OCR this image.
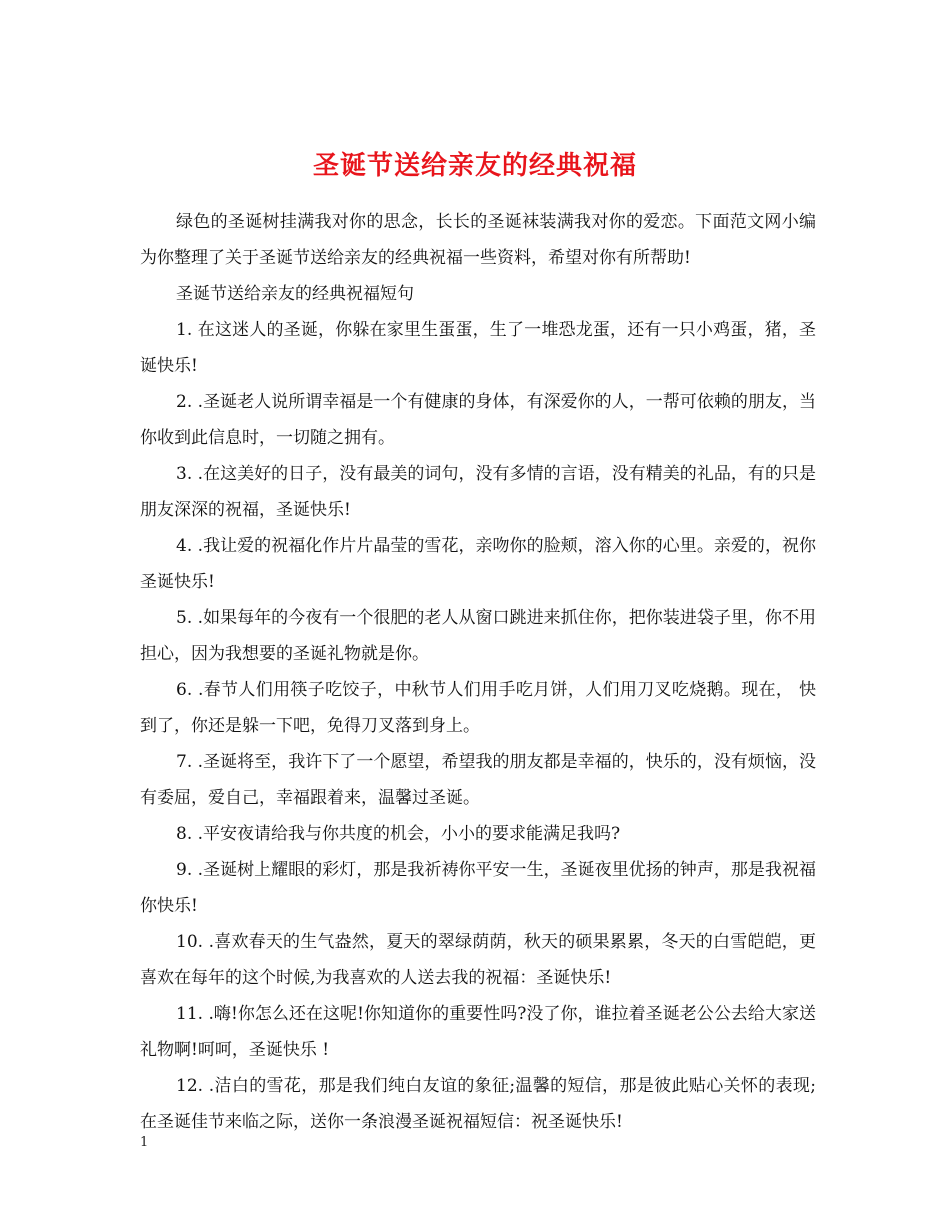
圣诞节送给亲友的经典祝福

绿色的圣诞树挂满我对你的思念，长长的圣诞袜装满我对你的爱恋。下面范文网小编为你整理了关于圣诞节送给亲友的经典祝福一些资料，希望对你有所帮助!

圣诞节送给亲友的经典祝福短句

1. 在这迷人的圣诞，你躲在家里生蛋蛋，生了一堆恐龙蛋，还有一只小鸡蛋，猪，圣诞快乐!

2. .圣诞老人说所谓幸福是一个有健康的身体，有深爱你的人，一帮可依赖的朋友，当你收到此信息时，一切随之拥有。

3. .在这美好的日子，没有最美的词句，没有多情的言语，没有精美的礼品，有的只是朋友深深的祝福，圣诞快乐!

4. .我让爱的祝福化作片片晶莹的雪花，亲吻你的脸颊，溶入你的心里。亲爱的，祝你圣诞快乐!

5. .如果每年的今夜有一个很肥的老人从窗口跳进来抓住你，把你装进袋子里，你不用担心，因为我想要的圣诞礼物就是你。

6. .春节人们用筷子吃饺子，中秋节人们用手吃月饼，人们用刀叉吃烧鹅。现在， 快到了，你还是躲一下吧，免得刀叉落到身上。

7. .圣诞将至，我许下了一个愿望，希望我的朋友都是幸福的，快乐的，没有烦恼，没有委屈，爱自己，幸福跟着来，温馨过圣诞。

8. .平安夜请给我与你共度的机会，小小的要求能满足我吗?

9. .圣诞树上耀眼的彩灯，那是我祈祷你平安一生，圣诞夜里优扬的钟声，那是我祝福你快乐!

10. .喜欢春天的生气盎然，夏天的翠绿荫荫，秋天的硕果累累，冬天的白雪皑皑，更喜欢在每年的这个时候,为我喜欢的人送去我的祝福：圣诞快乐!

11. .嗨!你怎么还在这呢!你知道你的重要性吗?没了你，谁拉着圣诞老公公去给大家送礼物啊!呵呵，圣诞快乐 !

12. .洁白的雪花，那是我们纯白友谊的象征;温馨的短信，那是彼此贴心关怀的表现;在圣诞佳节来临之际，送你一条浪漫圣诞祝福短信：祝圣诞快乐!

1
